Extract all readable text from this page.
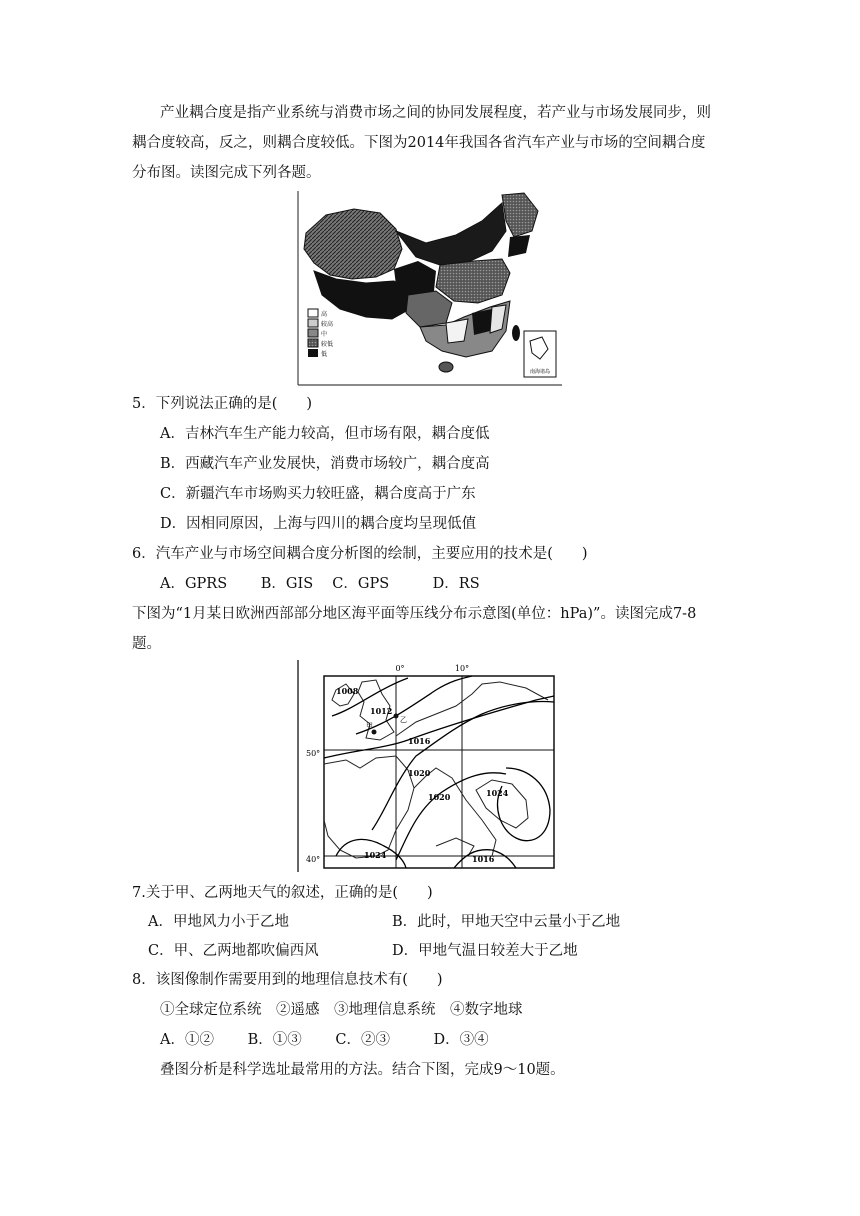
产业耦合度是指产业系统与消费市场之间的协同发展程度，若产业与市场发展同步，则
耦合度较高，反之，则耦合度较低。下图为2014年我国各省汽车产业与市场的空间耦合度
分布图。读图完成下列各题。
高
较高
中
较低
低
南海诸岛
5．下列说法正确的是(　　)
A．吉林汽车生产能力较高，但市场有限，耦合度低
B．西藏汽车产业发展快，消费市场较广，耦合度高
C．新疆汽车市场购买力较旺盛，耦合度高于广东
D．因相同原因，上海与四川的耦合度均呈现低值
6．汽车产业与市场空间耦合度分析图的绘制，主要应用的技术是(　　)
A．GPRS　　 B．GIS　 C．GPS　　　D．RS
下图为“1月某日欧洲西部部分地区海平面等压线分布示意图(单位：hPa)”。读图完成7-8
题。
0°	10°
50°
40°
甲
乙
1008
1012
1016
1020
1020	1024
1024	1016
7.关于甲、乙两地天气的叙述，正确的是(　　)
A．甲地风力小于乙地	B．此时，甲地天空中云量小于乙地
C．甲、乙两地都吹偏西风	D．甲地气温日较差大于乙地
8．该图像制作需要用到的地理信息技术有(　　)
①全球定位系统　②遥感　③地理信息系统　④数字地球
A．①②　　 B．①③　　 C．②③　　　D．③④
叠图分析是科学选址最常用的方法。结合下图，完成9～10题。
